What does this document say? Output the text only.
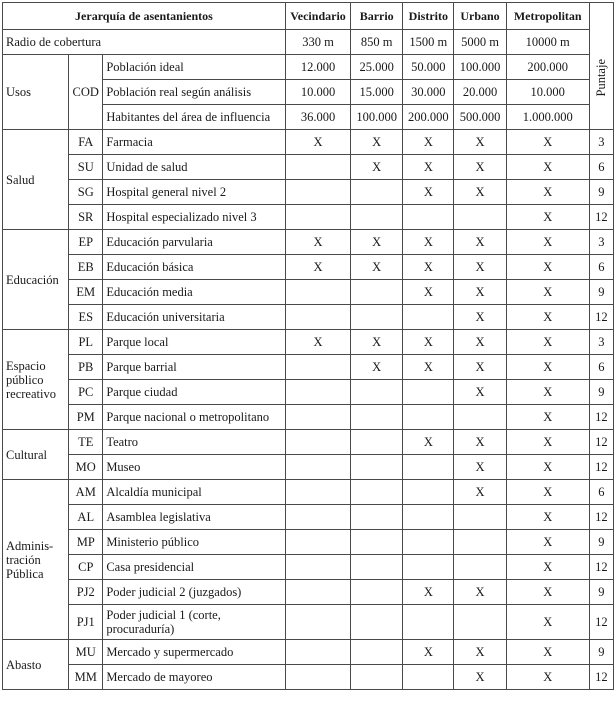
Jerarquía de asentanientos			Vecindario	Barrio	Distrito	Urbano	Metropolitan	
Radio de cobertura			330 m	850 m	1500 m	5000 m	10000 m	Puntaje
Usos	COD	Población ideal	12.000	25.000	50.000	100.000	200.000	
		Población real según análisis	10.000	15.000	30.000	20.000	10.000	
		Habitantes del área de influencia	36.000	100.000	200.000	500.000	1.000.000	
Salud	FA	Farmacia	X	X	X	X	X	3
	SU	Unidad de salud		X	X	X	X	6
	SG	Hospital general nivel 2			X	X	X	9
	SR	Hospital especializado nivel 3					X	12
Educación	EP	Educación parvularia	X	X	X	X	X	3
	EB	Educación básica	X	X	X	X	X	6
	EM	Educación media			X	X	X	9
	ES	Educación universitaria				X	X	12
Espacio público recreativo	PL	Parque local	X	X	X	X	X	3
	PB	Parque barrial		X	X	X	X	6
	PC	Parque ciudad				X	X	9
	PM	Parque nacional o metropolitano					X	12
Cultural	TE	Teatro			X	X	X	12
	MO	Museo				X	X	12
Adminis-tración Pública	AM	Alcaldía municipal				X	X	6
	AL	Asamblea legislativa					X	12
	MP	Ministerio público					X	9
	CP	Casa presidencial					X	12
	PJ2	Poder judicial 2 (juzgados)			X	X	X	9
	PJ1	Poder judicial 1 (corte, procuraduría)					X	12
Abasto	MU	Mercado y supermercado			X	X	X	9
	MM	Mercado de mayoreo				X	X	12
